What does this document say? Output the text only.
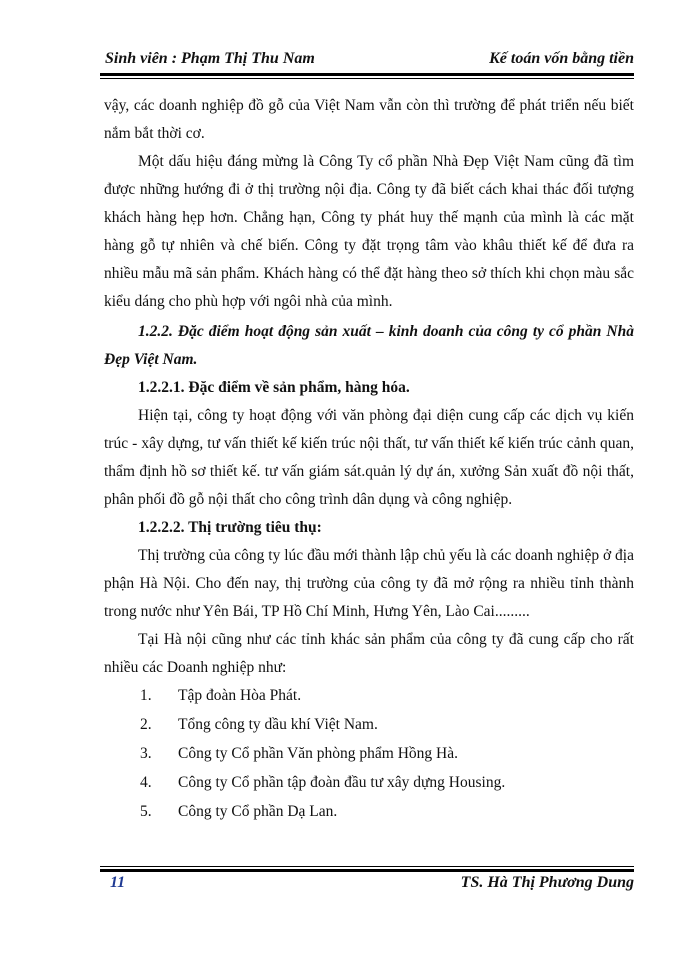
Sinh viên : Phạm Thị Thu Nam	Kế toán vốn bằng tiền

vậy, các doanh nghiệp đồ gỗ của Việt Nam vẫn còn thì trường để phát triển nếu biết nắm bắt thời cơ.

Một dấu hiệu đáng mừng là Công Ty cổ phần Nhà Đẹp Việt Nam cũng đã tìm được những hướng đi ở thị trường nội địa. Công ty đã biết cách khai thác đối tượng khách hàng hẹp hơn. Chẳng hạn, Công ty phát huy thế mạnh của mình là các mặt hàng gỗ tự nhiên và chế biến. Công ty đặt trọng tâm vào khâu thiết kế để đưa ra nhiều mẫu mã sản phẩm. Khách hàng có thể đặt hàng theo sở thích khi chọn màu sắc kiểu dáng cho phù hợp với ngôi nhà của mình.

1.2.2. Đặc điểm hoạt động sản xuất – kinh doanh của công ty cổ phần Nhà Đẹp Việt Nam.

1.2.2.1. Đặc điểm về sản phẩm, hàng hóa.

Hiện tại, công ty hoạt động với văn phòng đại diện cung cấp các dịch vụ kiến trúc - xây dựng, tư vấn thiết kế kiến trúc nội thất, tư vấn thiết kế kiến trúc cảnh quan, thẩm định hồ sơ thiết kế. tư vấn giám sát.quản lý dự án, xưởng Sản xuất đồ nội thất, phân phối đồ gỗ nội thất cho công trình dân dụng và công nghiệp.

1.2.2.2. Thị trường tiêu thụ:

Thị trường của công ty lúc đầu mới thành lập chủ yếu là các doanh nghiệp ở địa phận Hà Nội. Cho đến nay, thị trường của công ty đã mở rộng ra nhiều tỉnh thành trong nước như Yên Bái, TP Hồ Chí Minh, Hưng Yên, Lào Cai.........

Tại Hà nội cũng như các tỉnh khác sản phẩm của công ty đã cung cấp cho rất nhiều các Doanh nghiệp như:

1. Tập đoàn Hòa Phát.
2. Tổng công ty dầu khí Việt Nam.
3. Công ty Cổ phần Văn phòng phẩm Hồng Hà.
4. Công ty Cổ phần tập đoàn đầu tư xây dựng Housing.
5. Công ty Cổ phần Dạ Lan.
11	TS. Hà Thị Phương Dung
